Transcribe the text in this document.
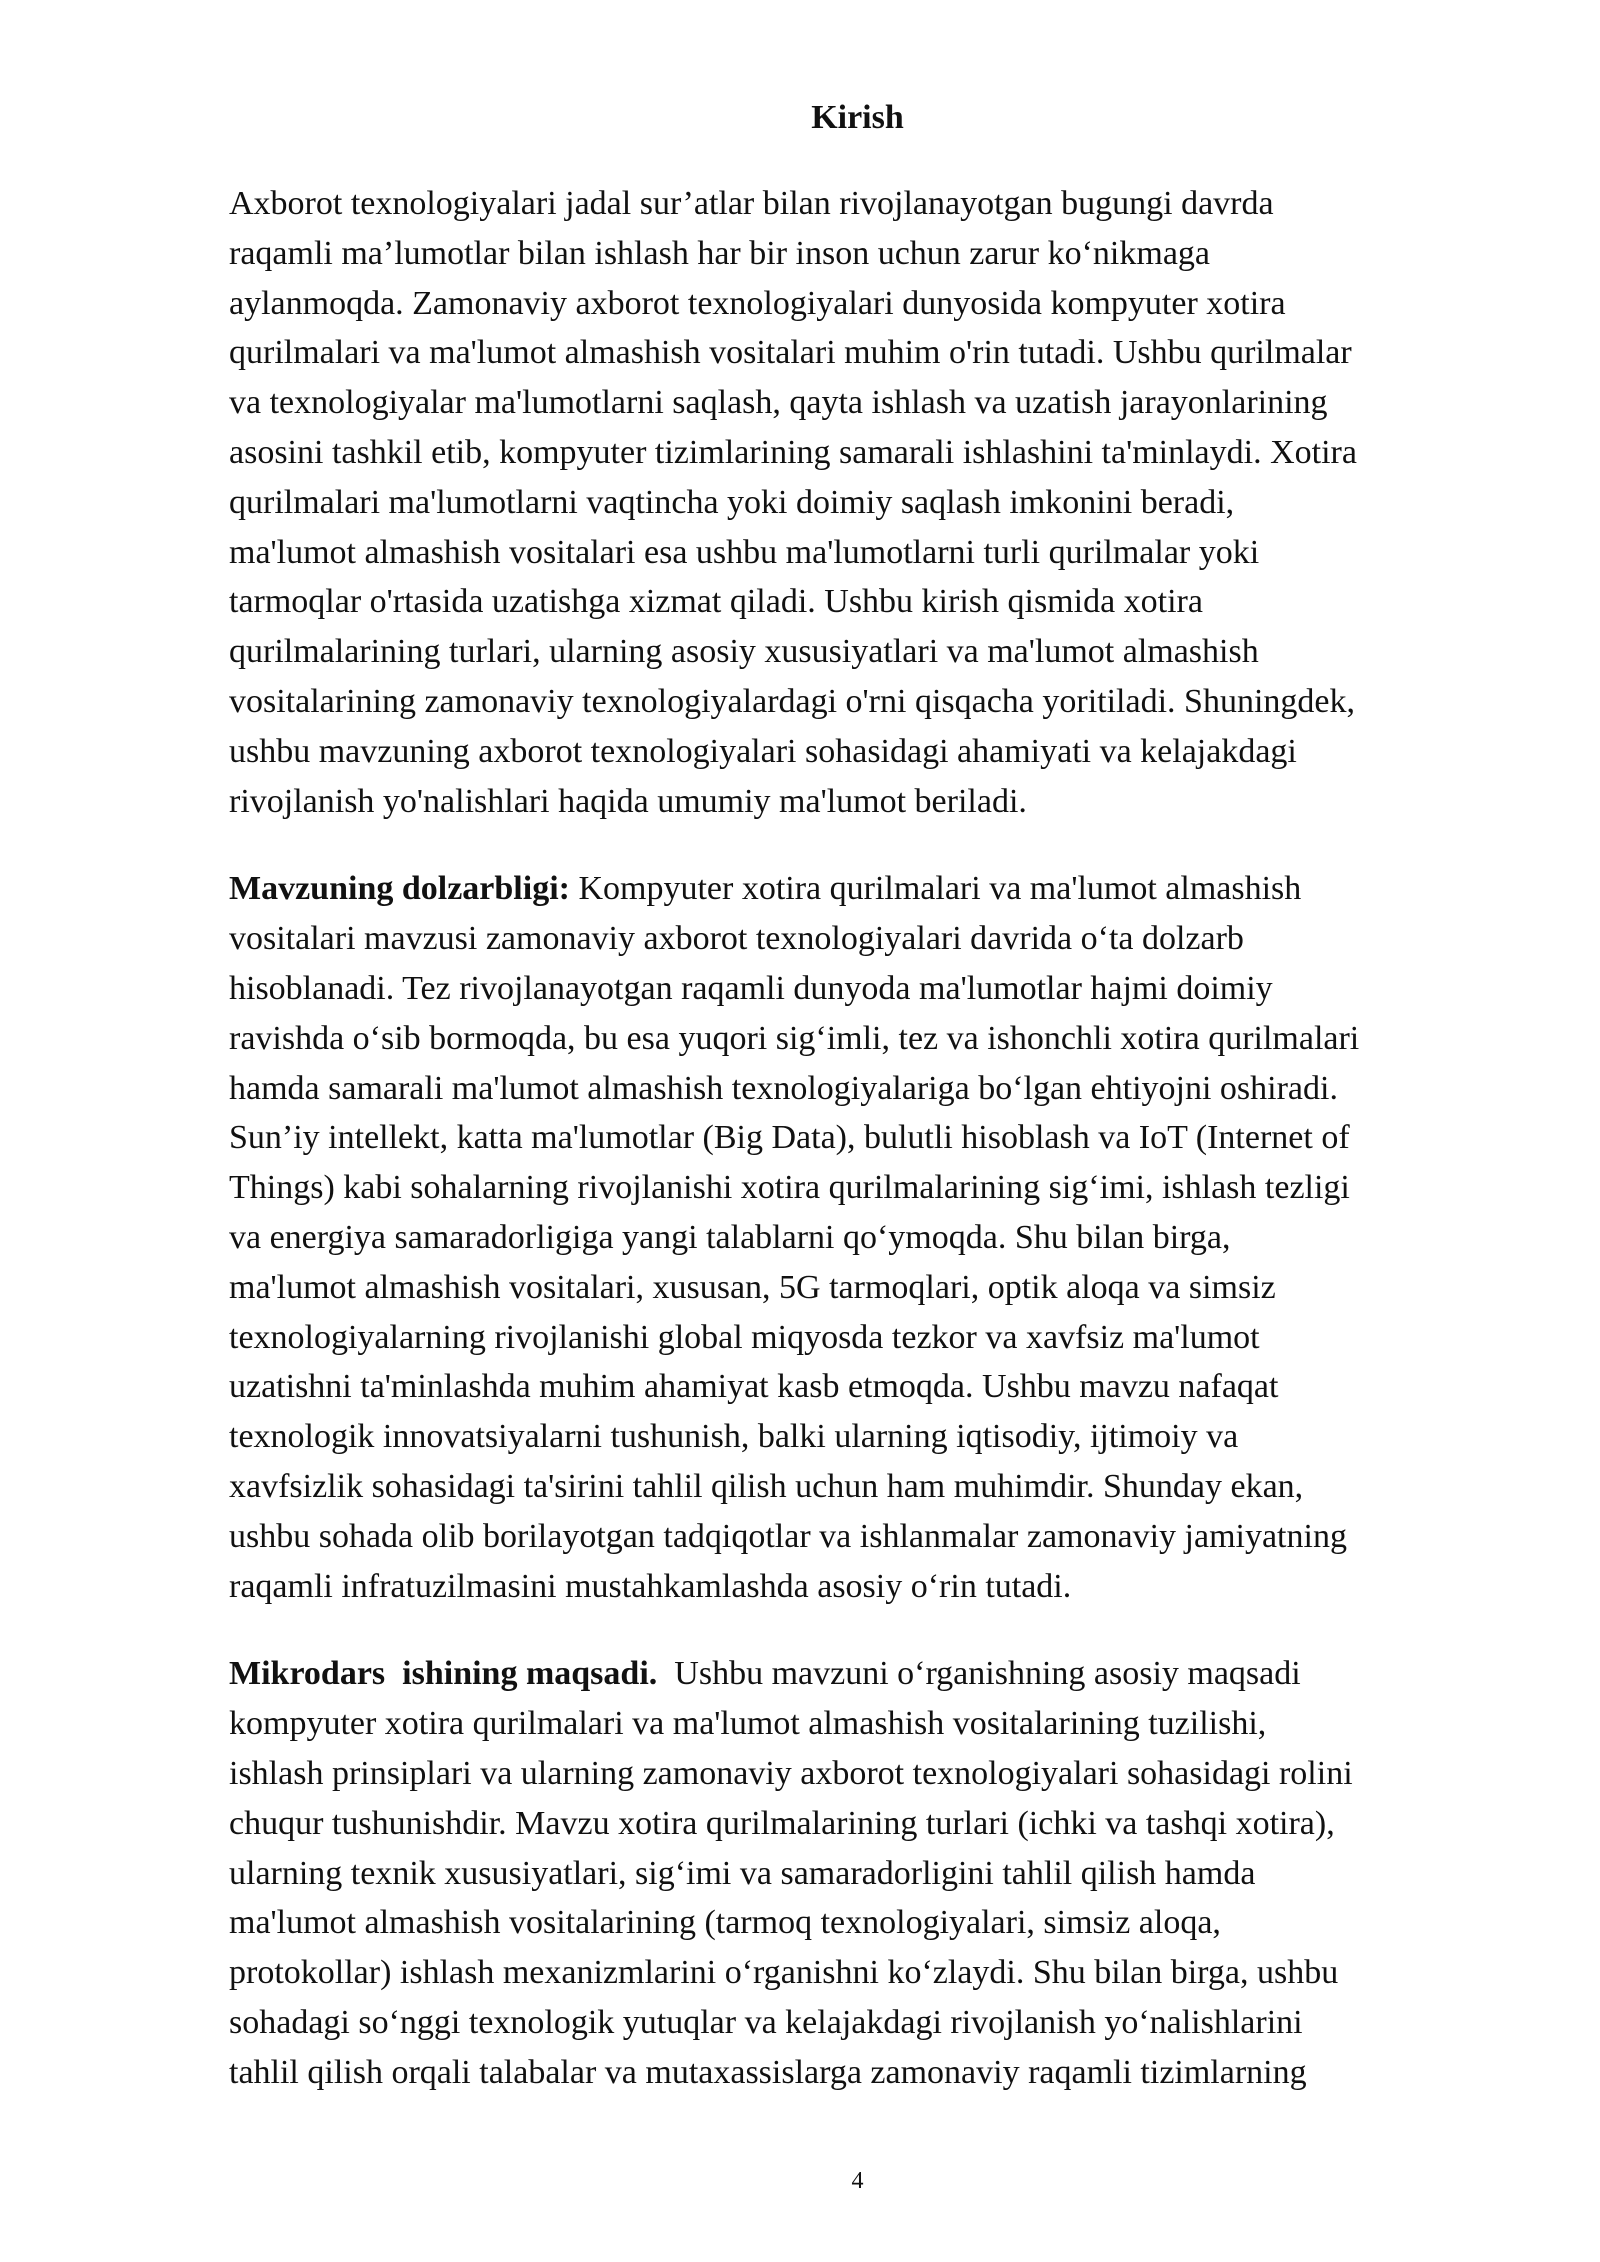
Kirish

Axborot texnologiyalari jadal sur’atlar bilan rivojlanayotgan bugungi davrda
raqamli ma’lumotlar bilan ishlash har bir inson uchun zarur ko‘nikmaga
aylanmoqda. Zamonaviy axborot texnologiyalari dunyosida kompyuter xotira
qurilmalari va ma'lumot almashish vositalari muhim o'rin tutadi. Ushbu qurilmalar
va texnologiyalar ma'lumotlarni saqlash, qayta ishlash va uzatish jarayonlarining
asosini tashkil etib, kompyuter tizimlarining samarali ishlashini ta'minlaydi. Xotira
qurilmalari ma'lumotlarni vaqtincha yoki doimiy saqlash imkonini beradi,
ma'lumot almashish vositalari esa ushbu ma'lumotlarni turli qurilmalar yoki
tarmoqlar o'rtasida uzatishga xizmat qiladi. Ushbu kirish qismida xotira
qurilmalarining turlari, ularning asosiy xususiyatlari va ma'lumot almashish
vositalarining zamonaviy texnologiyalardagi o'rni qisqacha yoritiladi. Shuningdek,
ushbu mavzuning axborot texnologiyalari sohasidagi ahamiyati va kelajakdagi
rivojlanish yo'nalishlari haqida umumiy ma'lumot beriladi.

Mavzuning dolzarbligi: Kompyuter xotira qurilmalari va ma'lumot almashish
vositalari mavzusi zamonaviy axborot texnologiyalari davrida o‘ta dolzarb
hisoblanadi. Tez rivojlanayotgan raqamli dunyoda ma'lumotlar hajmi doimiy
ravishda o‘sib bormoqda, bu esa yuqori sig‘imli, tez va ishonchli xotira qurilmalari
hamda samarali ma'lumot almashish texnologiyalariga bo‘lgan ehtiyojni oshiradi.
Sun’iy intellekt, katta ma'lumotlar (Big Data), bulutli hisoblash va IoT (Internet of
Things) kabi sohalarning rivojlanishi xotira qurilmalarining sig‘imi, ishlash tezligi
va energiya samaradorligiga yangi talablarni qo‘ymoqda. Shu bilan birga,
ma'lumot almashish vositalari, xususan, 5G tarmoqlari, optik aloqa va simsiz
texnologiyalarning rivojlanishi global miqyosda tezkor va xavfsiz ma'lumot
uzatishni ta'minlashda muhim ahamiyat kasb etmoqda. Ushbu mavzu nafaqat
texnologik innovatsiyalarni tushunish, balki ularning iqtisodiy, ijtimoiy va
xavfsizlik sohasidagi ta'sirini tahlil qilish uchun ham muhimdir. Shunday ekan,
ushbu sohada olib borilayotgan tadqiqotlar va ishlanmalar zamonaviy jamiyatning
raqamli infratuzilmasini mustahkamlashda asosiy o‘rin tutadi.

Mikrodars  ishining maqsadi.  Ushbu mavzuni o‘rganishning asosiy maqsadi
kompyuter xotira qurilmalari va ma'lumot almashish vositalarining tuzilishi,
ishlash prinsiplari va ularning zamonaviy axborot texnologiyalari sohasidagi rolini
chuqur tushunishdir. Mavzu xotira qurilmalarining turlari (ichki va tashqi xotira),
ularning texnik xususiyatlari, sig‘imi va samaradorligini tahlil qilish hamda
ma'lumot almashish vositalarining (tarmoq texnologiyalari, simsiz aloqa,
protokollar) ishlash mexanizmlarini o‘rganishni ko‘zlaydi. Shu bilan birga, ushbu
sohadagi so‘nggi texnologik yutuqlar va kelajakdagi rivojlanish yo‘nalishlarini
tahlil qilish orqali talabalar va mutaxassislarga zamonaviy raqamli tizimlarning

4
